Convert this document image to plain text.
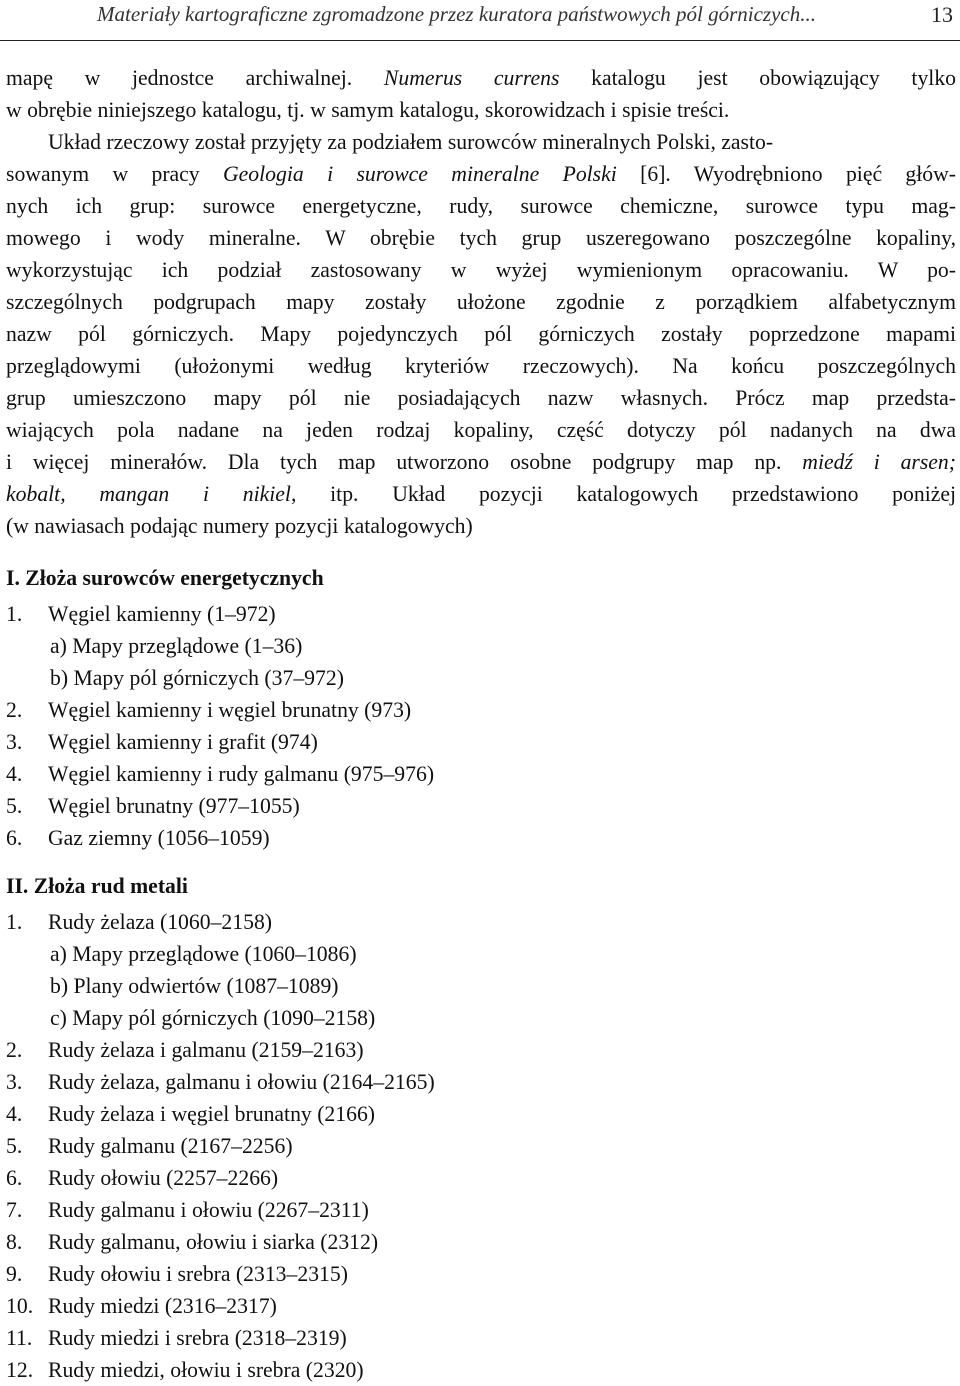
Materiały kartograficzne zgromadzone przez kuratora państwowych pól górniczych...	13
mapę w jednostce archiwalnej. Numerus currens katalogu jest obowiązujący tylko
w obrębie niniejszego katalogu, tj. w samym katalogu, skorowidzach i spisie treści.
Układ rzeczowy został przyjęty za podziałem surowców mineralnych Polski, zasto-
sowanym w pracy Geologia i surowce mineralne Polski [6]. Wyodrębniono pięć głów-
nych ich grup: surowce energetyczne, rudy, surowce chemiczne, surowce typu mag-
mowego i wody mineralne. W obrębie tych grup uszeregowano poszczególne kopaliny,
wykorzystując ich podział zastosowany w wyżej wymienionym opracowaniu. W po-
szczególnych podgrupach mapy zostały ułożone zgodnie z porządkiem alfabetycznym
nazw pól górniczych. Mapy pojedynczych pól górniczych zostały poprzedzone mapami
przeglądowymi (ułożonymi według kryteriów rzeczowych). Na końcu poszczególnych
grup umieszczono mapy pól nie posiadających nazw własnych. Prócz map przedsta-
wiających pola nadane na jeden rodzaj kopaliny, część dotyczy pól nadanych na dwa
i więcej minerałów. Dla tych map utworzono osobne podgrupy map np. miedź i arsen;
kobalt, mangan i nikiel, itp. Układ pozycji katalogowych przedstawiono poniżej
(w nawiasach podając numery pozycji katalogowych)
I. Złoża surowców energetycznych
1. Węgiel kamienny (1–972)
a) Mapy przeglądowe (1–36)
b) Mapy pól górniczych (37–972)
2. Węgiel kamienny i węgiel brunatny (973)
3. Węgiel kamienny i grafit (974)
4. Węgiel kamienny i rudy galmanu (975–976)
5. Węgiel brunatny (977–1055)
6. Gaz ziemny (1056–1059)
II. Złoża rud metali
1. Rudy żelaza (1060–2158)
a) Mapy przeglądowe (1060–1086)
b) Plany odwiertów (1087–1089)
c) Mapy pól górniczych (1090–2158)
2. Rudy żelaza i galmanu (2159–2163)
3. Rudy żelaza, galmanu i ołowiu (2164–2165)
4. Rudy żelaza i węgiel brunatny (2166)
5. Rudy galmanu (2167–2256)
6. Rudy ołowiu (2257–2266)
7. Rudy galmanu i ołowiu (2267–2311)
8. Rudy galmanu, ołowiu i siarka (2312)
9. Rudy ołowiu i srebra (2313–2315)
10. Rudy miedzi (2316–2317)
11. Rudy miedzi i srebra (2318–2319)
12. Rudy miedzi, ołowiu i srebra (2320)
